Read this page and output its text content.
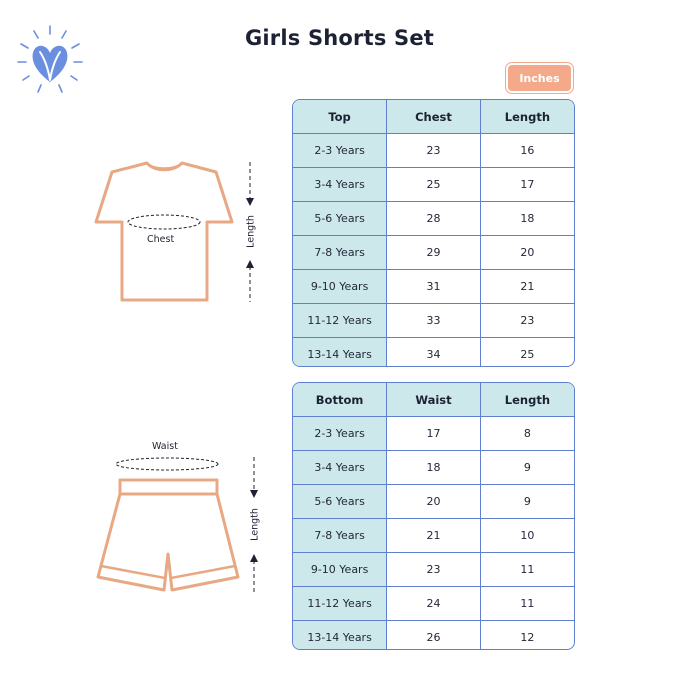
Girls Shorts Set
Inches
Chest	Length
Waist
Length
Top	Chest	Length
2-3 Years	23	16
3-4 Years	25	17
5-6 Years	28	18
7-8 Years	29	20
9-10 Years	31	21
11-12 Years	33	23
13-14 Years	34	25
Bottom	Waist	Length
2-3 Years	17	8
3-4 Years	18	9
5-6 Years	20	9
7-8 Years	21	10
9-10 Years	23	11
11-12 Years	24	11
13-14 Years	26	12
